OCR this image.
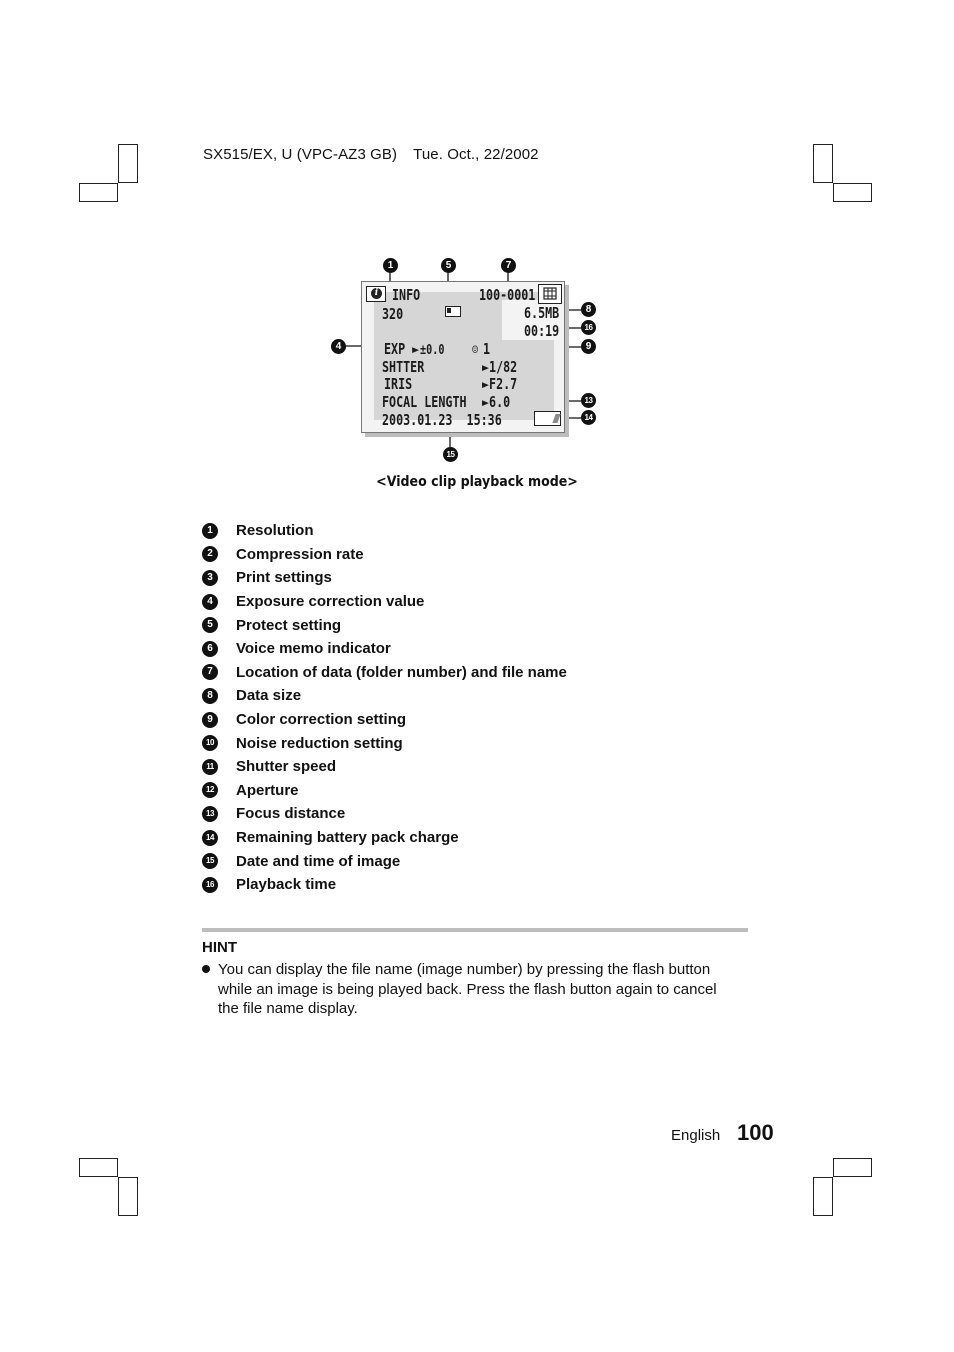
SX515/EX, U (VPC-AZ3 GB) Tue. Oct., 22/2002
i INFO	100-0001
320	6.5MB
00:19
EXP ► ±0.0 ☺ 1
SHTTER	►1/82
IRIS	►F2.7
FOCAL LENGTH ►6.0
2003.01.23  15:36
1	5	7
4
8
16
9
13
14
15
<Video clip playback mode>
1	Resolution
2	Compression rate
3	Print settings
4	Exposure correction value
5	Protect setting
6	Voice memo indicator
7	Location of data (folder number) and file name
8	Data size
9	Color correction setting
10 Noise reduction setting
11 Shutter speed
12 Aperture
13 Focus distance
14 Remaining battery pack charge
15 Date and time of image
16 Playback time
HINT
You can display the file name (image number) by pressing the flash button
while an image is being played back. Press the flash button again to cancel
the file name display.
English 100
